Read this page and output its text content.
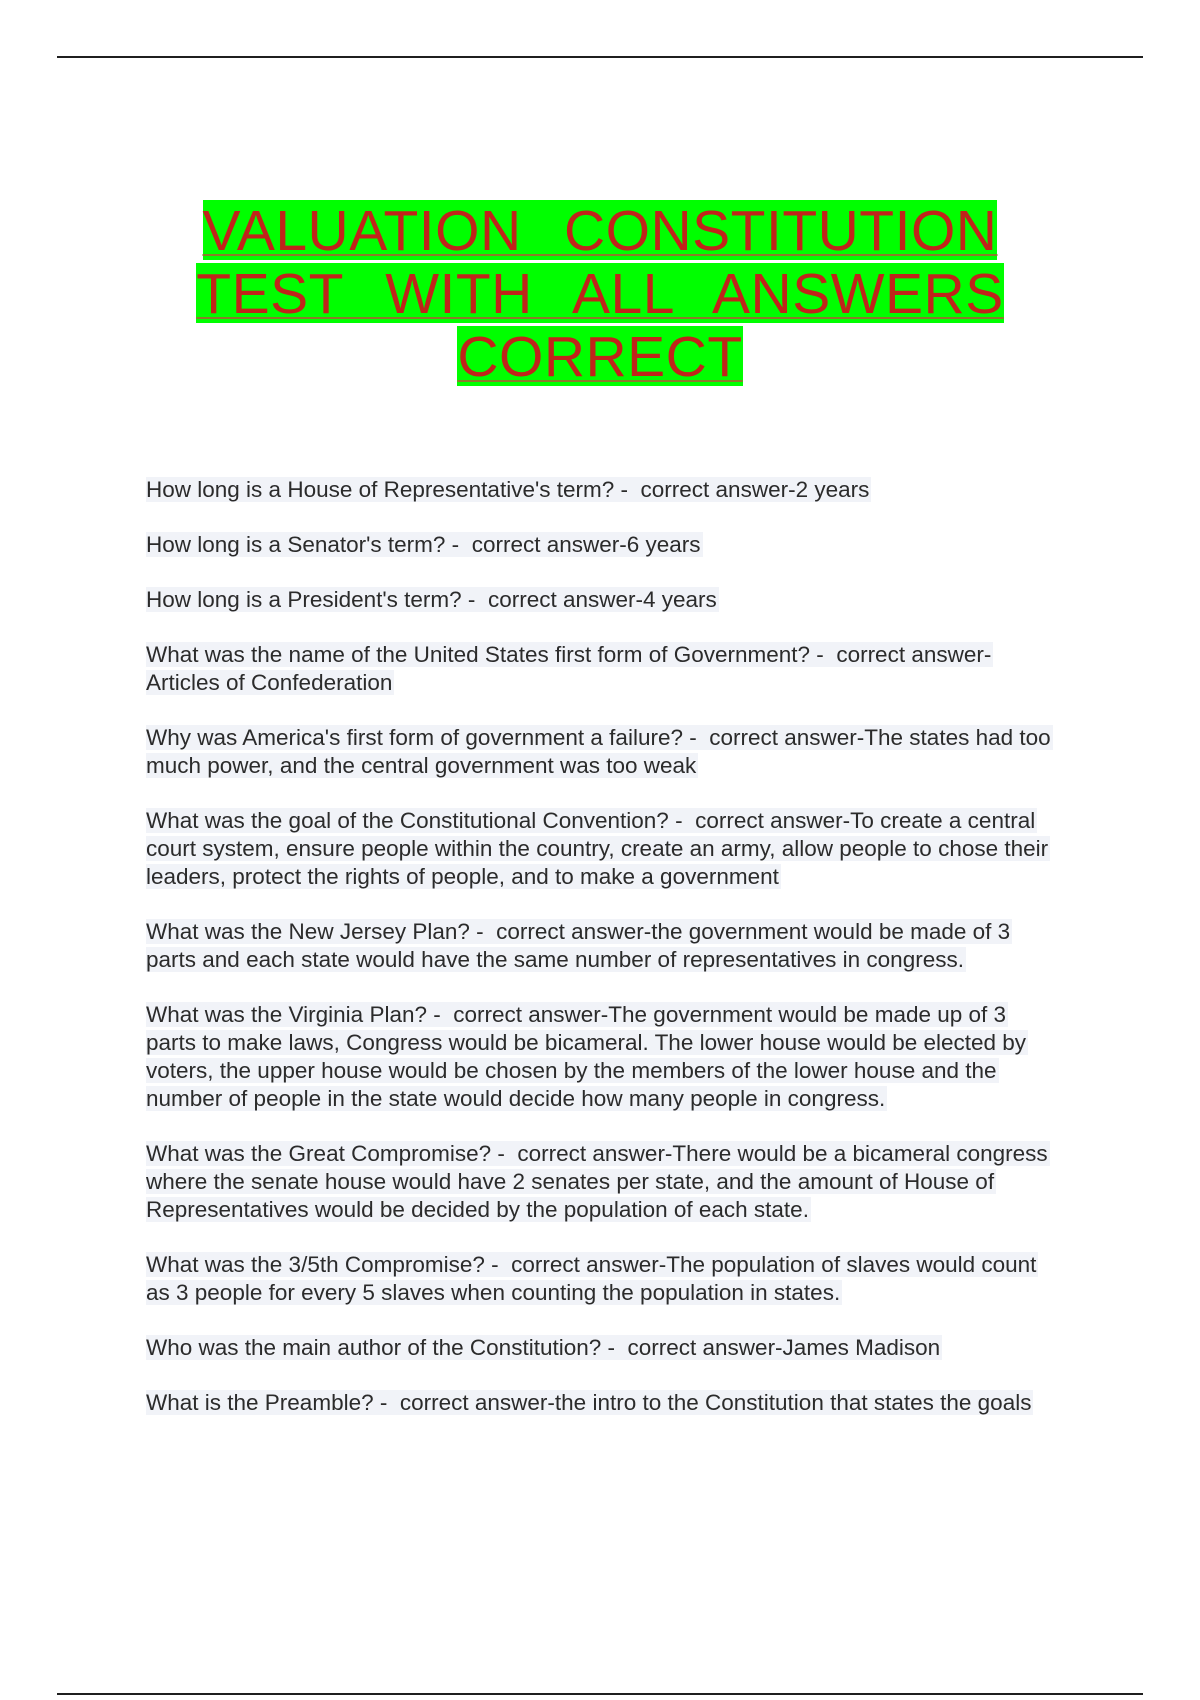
VALUATION CONSTITUTION
TEST WITH ALL ANSWERS
CORRECT
How long is a House of Representative's term? - correct answer-2 years
How long is a Senator's term? - correct answer-6 years
How long is a President's term? - correct answer-4 years
What was the name of the United States first form of Government? - correct answer-Articles of Confederation
Why was America's first form of government a failure? - correct answer-The states had too much power, and the central government was too weak
What was the goal of the Constitutional Convention? - correct answer-To create a central court system, ensure people within the country, create an army, allow people to chose their leaders, protect the rights of people, and to make a government
What was the New Jersey Plan? - correct answer-the government would be made of 3 parts and each state would have the same number of representatives in congress.
What was the Virginia Plan? - correct answer-The government would be made up of 3 parts to make laws, Congress would be bicameral. The lower house would be elected by voters, the upper house would be chosen by the members of the lower house and the number of people in the state would decide how many people in congress.
What was the Great Compromise? - correct answer-There would be a bicameral congress where the senate house would have 2 senates per state, and the amount of House of Representatives would be decided by the population of each state.
What was the 3/5th Compromise? - correct answer-The population of slaves would count as 3 people for every 5 slaves when counting the population in states.
Who was the main author of the Constitution? - correct answer-James Madison
What is the Preamble? - correct answer-the intro to the Constitution that states the goals
